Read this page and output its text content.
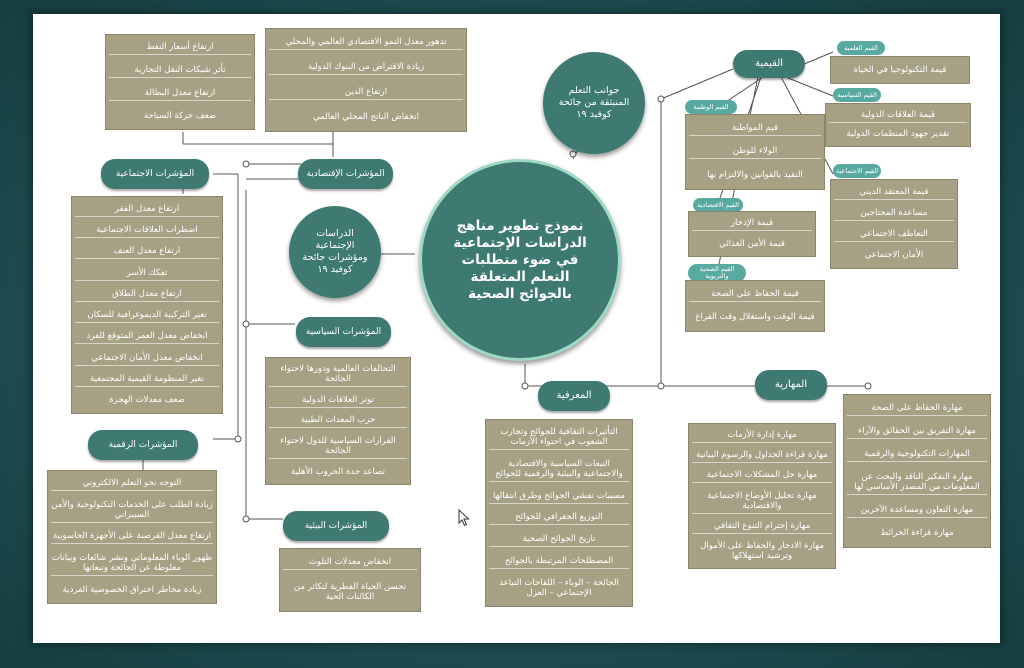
ارتفاع أسعار النفط
تأثر شبكات النقل التجارية
ارتفاع معدل البطالة
ضعف حركة السياحة
تدهور معدل النمو الاقتصادي العالمي والمحلي
زيادة الاقتراض من البنوك الدولية
ارتفاع الدين
انخفاض الناتج المحلي العالمي
المؤشرات الإقتصادية
المؤشرات الاجتماعية
ارتفاع معدل الفقر
اضطراب العلاقات الاجتماعية
ارتفاع معدل العنف
تفكك الأسر
ارتفاع معدل الطلاق
تغير التركيبة الديموغرافية للسكان
انخفاض معدل العمر المتوقع للفرد
انخفاض معدل الأمان الاجتماعي
تغير المنظومة القيمية المجتمعية
ضعف معدلات الهجرة
الدراسات الإجتماعية ومؤشرات جائحة كوفيد ١٩
المؤشرات السياسية
التحالفات العالمية ودورها لاحتواء الجائحة
توتر العلاقات الدولية
حرب المعدات الطبية
القرارات السياسية للدول لاحتواء الجائحة
تصاعد حدة الحروب الأهلية
المؤشرات الرقمية
التوجه نحو التعلم الالكتروني
زيادة الطلب على الخدمات التكنولوجية والأمن السيبراني
ارتفاع معدل القرصنة على الأجهزة الحاسوبية
ظهور الوباء المعلوماتي ونشر شائعات وبيانات مغلوطة عن الجائحة وتبعاتها
زيادة مخاطر اختراق الخصوصية الفردية
المؤشرات البيئية
انخفاض معدلات التلوث
تحسن الحياة الفطرية لتكاثر من الكائنات الحية
نموذج تطوير مناهج الدراسات الإجتماعية في ضوء متطلبات التعلم المتعلقة بالجوائح الصحية
جوانب التعلم المنبثقة من جائحة كوفيد ١٩
القيمية
القيم العلمية
قيمة التكنولوجيا في الحياة
القيم السياسية
قيمة العلاقات الدولية
تقدير جهود المنظمات الدولية
القيم الاجتماعية
قيمة المعتقد الديني
مساعدة المحتاجين
التعاطف الاجتماعي
الأمان الاجتماعي
القيم الوطنية
قيم المواطنة
الولاء للوطن
التقيد بالقوانين والالتزام بها
القيم الاقتصادية
قيمة الإدخار
قيمة الأمن الغذائي
القيم الصحية والتربوية
قيمة الحفاظ على الصحة
قيمة الوقت واستغلال وقت الفراغ
المعرفية
التأثيرات الثقافية للجوائح وتجارب الشعوب في احتواء الأزمات
التبعات السياسية والاقتصادية والاجتماعية والبيئية والرقمية للجوائح
مسببات تفشي الجوائح وطرق انتقالها
التوزيع الجغرافي للجوائح
تاريخ الجوائح الصحية
المصطلحات المرتبطة بالجوائح
الجائحة – الوباء – اللقاحات التباعد الإجتماعي – العزل
المهارية
مهارة إدارة الأزمات
مهارة قراءة الجداول والرسوم البيانية
مهارة حل المشكلات الاجتماعية
مهارة تحليل الأوضاع الاجتماعية والاقتصادية
مهارة إحترام التنوع الثقافي
مهارة الادخار والحفاظ على الأموال وترشيد استهلاكها
مهارة الحفاظ على الصحة
مهارة التفريق بين الحقائق والآراء
المهارات التكنولوجية والرقمية
مهارة التفكير الناقد والبحث عن المعلومات من المصدر الأساسي لها
مهارة التعاون ومساعدة الآخرين
مهارة قراءة الخرائط
